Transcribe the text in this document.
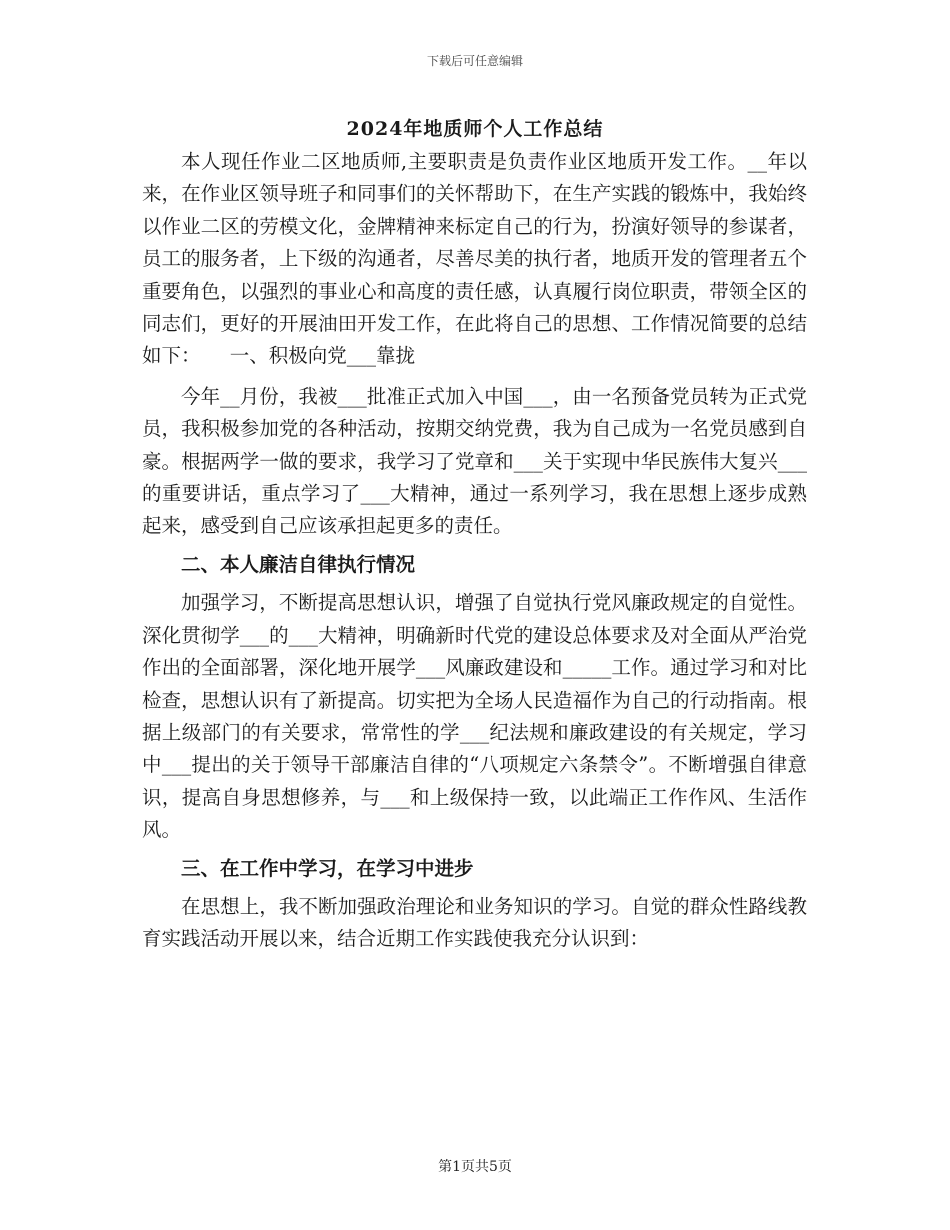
下载后可任意编辑
2024年地质师个人工作总结

本人现任作业二区地质师,主要职责是负责作业区地质开发工作。__年以来，在作业区领导班子和同事们的关怀帮助下，在生产实践的锻炼中，我始终以作业二区的劳模文化，金牌精神来标定自己的行为，扮演好领导的参谋者，员工的服务者，上下级的沟通者，尽善尽美的执行者，地质开发的管理者五个重要角色，以强烈的事业心和高度的责任感，认真履行岗位职责，带领全区的同志们，更好的开展油田开发工作，在此将自己的思想、工作情况简要的总结如下：　　一、积极向党___靠拢

今年__月份，我被___批准正式加入中国___，由一名预备党员转为正式党员，我积极参加党的各种活动，按期交纳党费，我为自己成为一名党员感到自豪。根据两学一做的要求，我学习了党章和___关于实现中华民族伟大复兴___的重要讲话，重点学习了___大精神，通过一系列学习，我在思想上逐步成熟起来，感受到自己应该承担起更多的责任。

二、本人廉洁自律执行情况

加强学习，不断提高思想认识，增强了自觉执行党风廉政规定的自觉性。深化贯彻学___的___大精神，明确新时代党的建设总体要求及对全面从严治党作出的全面部署，深化地开展学___风廉政建设和_____工作。通过学习和对比检查，思想认识有了新提高。切实把为全场人民造福作为自己的行动指南。根据上级部门的有关要求，常常性的学___纪法规和廉政建设的有关规定，学习中___提出的关于领导干部廉洁自律的“八项规定六条禁令”。不断增强自律意识，提高自身思想修养，与___和上级保持一致，以此端正工作作风、生活作风。

三、在工作中学习，在学习中进步

在思想上，我不断加强政治理论和业务知识的学习。自觉的群众性路线教育实践活动开展以来，结合近期工作实践使我充分认识到：

第1页共5页
